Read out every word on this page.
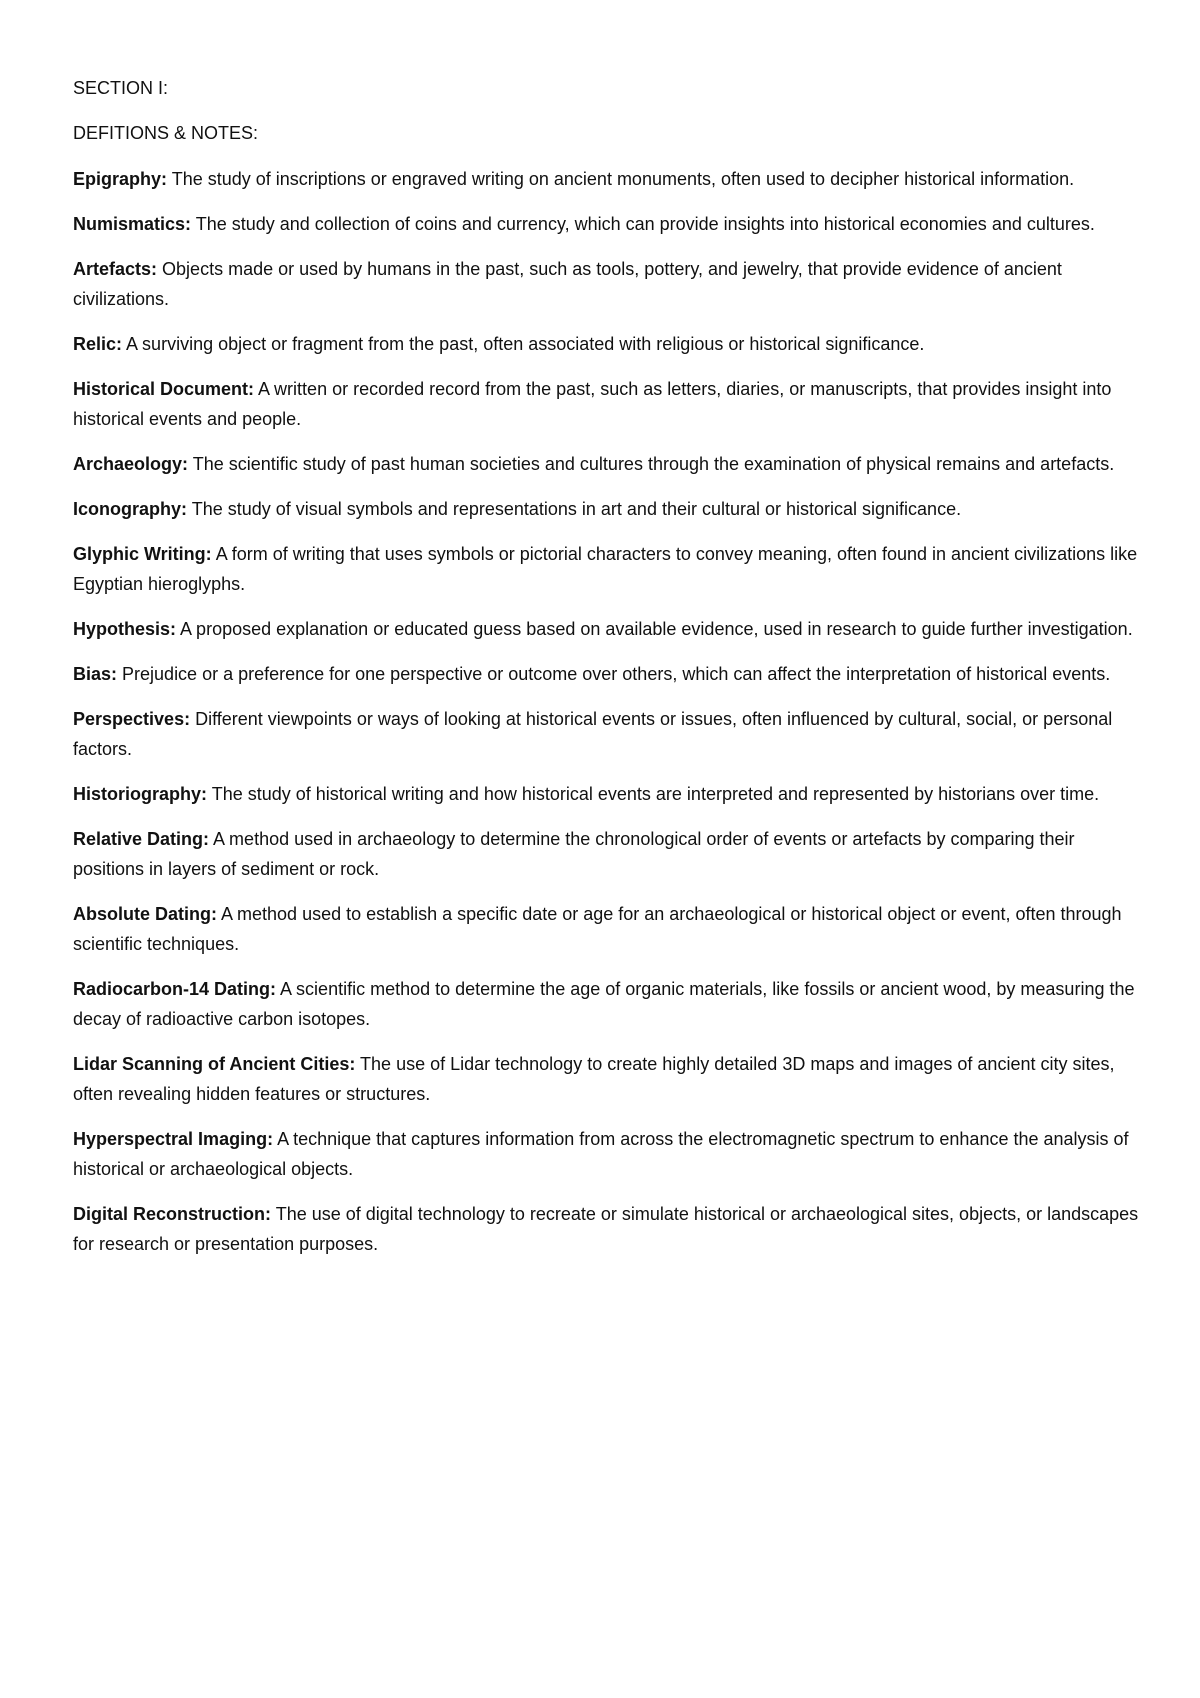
SECTION I:

DEFITIONS & NOTES:

Epigraphy: The study of inscriptions or engraved writing on ancient monuments, often used to decipher historical information.
Numismatics: The study and collection of coins and currency, which can provide insights into historical economies and cultures.
Artefacts: Objects made or used by humans in the past, such as tools, pottery, and jewelry, that provide evidence of ancient civilizations.
Relic: A surviving object or fragment from the past, often associated with religious or historical significance.
Historical Document: A written or recorded record from the past, such as letters, diaries, or manuscripts, that provides insight into historical events and people.
Archaeology: The scientific study of past human societies and cultures through the examination of physical remains and artefacts.
Iconography: The study of visual symbols and representations in art and their cultural or historical significance.
Glyphic Writing: A form of writing that uses symbols or pictorial characters to convey meaning, often found in ancient civilizations like Egyptian hieroglyphs.
Hypothesis: A proposed explanation or educated guess based on available evidence, used in research to guide further investigation.
Bias: Prejudice or a preference for one perspective or outcome over others, which can affect the interpretation of historical events.
Perspectives: Different viewpoints or ways of looking at historical events or issues, often influenced by cultural, social, or personal factors.
Historiography: The study of historical writing and how historical events are interpreted and represented by historians over time.
Relative Dating: A method used in archaeology to determine the chronological order of events or artefacts by comparing their positions in layers of sediment or rock.
Absolute Dating: A method used to establish a specific date or age for an archaeological or historical object or event, often through scientific techniques.
Radiocarbon-14 Dating: A scientific method to determine the age of organic materials, like fossils or ancient wood, by measuring the decay of radioactive carbon isotopes.
Lidar Scanning of Ancient Cities: The use of Lidar technology to create highly detailed 3D maps and images of ancient city sites, often revealing hidden features or structures.
Hyperspectral Imaging: A technique that captures information from across the electromagnetic spectrum to enhance the analysis of historical or archaeological objects.
Digital Reconstruction: The use of digital technology to recreate or simulate historical or archaeological sites, objects, or landscapes for research or presentation purposes.
